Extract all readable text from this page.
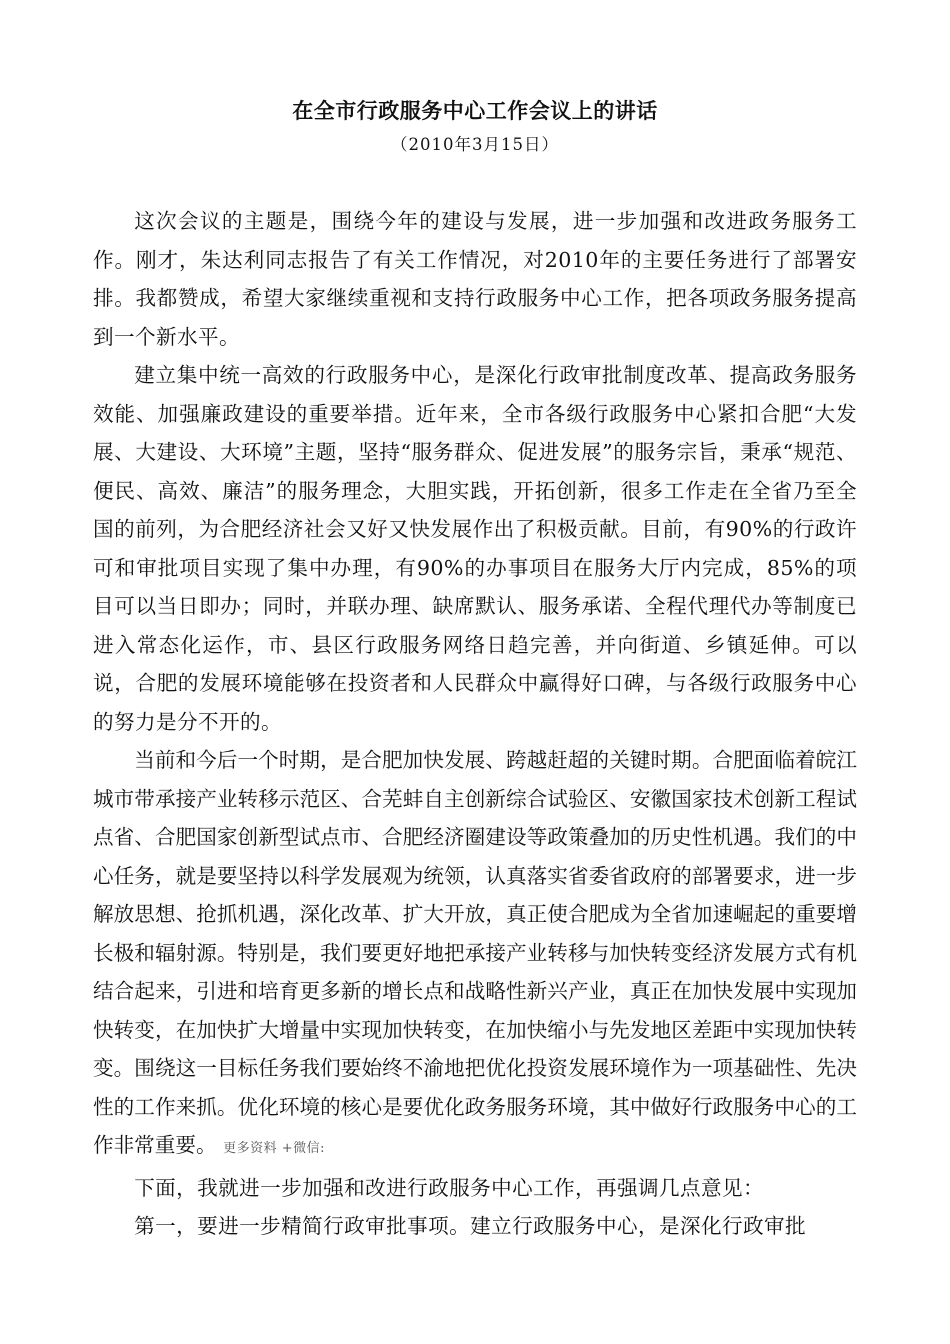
在全市行政服务中心工作会议上的讲话
（2010年3月15日）

这次会议的主题是，围绕今年的建设与发展，进一步加强和改进政务服务工作。刚才，朱达利同志报告了有关工作情况，对2010年的主要任务进行了部署安排。我都赞成，希望大家继续重视和支持行政服务中心工作，把各项政务服务提高到一个新水平。

建立集中统一高效的行政服务中心，是深化行政审批制度改革、提高政务服务效能、加强廉政建设的重要举措。近年来，全市各级行政服务中心紧扣合肥“大发展、大建设、大环境”主题，坚持“服务群众、促进发展”的服务宗旨，秉承“规范、便民、高效、廉洁”的服务理念，大胆实践，开拓创新，很多工作走在全省乃至全国的前列，为合肥经济社会又好又快发展作出了积极贡献。目前，有90%的行政许可和审批项目实现了集中办理，有90%的办事项目在服务大厅内完成，85%的项目可以当日即办；同时，并联办理、缺席默认、服务承诺、全程代理代办等制度已进入常态化运作，市、县区行政服务网络日趋完善，并向街道、乡镇延伸。可以说，合肥的发展环境能够在投资者和人民群众中赢得好口碑，与各级行政服务中心的努力是分不开的。

当前和今后一个时期，是合肥加快发展、跨越赶超的关键时期。合肥面临着皖江城市带承接产业转移示范区、合芜蚌自主创新综合试验区、安徽国家技术创新工程试点省、合肥国家创新型试点市、合肥经济圈建设等政策叠加的历史性机遇。我们的中心任务，就是要坚持以科学发展观为统领，认真落实省委省政府的部署要求，进一步解放思想、抢抓机遇，深化改革、扩大开放，真正使合肥成为全省加速崛起的重要增长极和辐射源。特别是，我们要更好地把承接产业转移与加快转变经济发展方式有机结合起来，引进和培育更多新的增长点和战略性新兴产业，真正在加快发展中实现加快转变，在加快扩大增量中实现加快转变，在加快缩小与先发地区差距中实现加快转变。围绕这一目标任务我们要始终不渝地把优化投资发展环境作为一项基础性、先决性的工作来抓。优化环境的核心是要优化政务服务环境，其中做好行政服务中心的工作非常重要。 更多资料 +微信:

下面，我就进一步加强和改进行政服务中心工作，再强调几点意见：

第一，要进一步精简行政审批事项。建立行政服务中心，是深化行政审批
